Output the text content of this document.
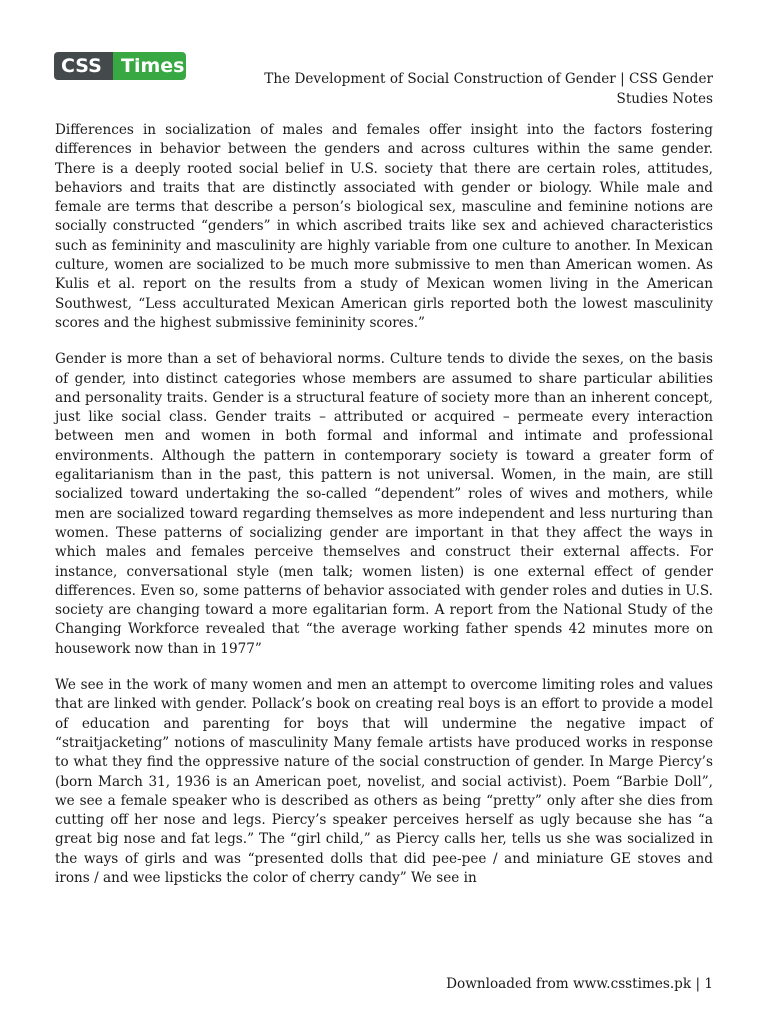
CSS	Times
The Development of Social Construction of Gender | CSS Gender Studies Notes

Differences in socialization of males and females offer insight into the factors fostering differences in behavior between the genders and across cultures within the same gender. There is a deeply rooted social belief in U.S. society that there are certain roles, attitudes, behaviors and traits that are distinctly associated with gender or biology. While male and female are terms that describe a person’s biological sex, masculine and feminine notions are socially constructed “genders” in which ascribed traits like sex and achieved characteristics such as femininity and masculinity are highly variable from one culture to another. In Mexican culture, women are socialized to be much more submissive to men than American women. As Kulis et al. report on the results from a study of Mexican women living in the American Southwest, “Less acculturated Mexican American girls reported both the lowest masculinity scores and the highest submissive femininity scores.”

Gender is more than a set of behavioral norms. Culture tends to divide the sexes, on the basis of gender, into distinct categories whose members are assumed to share particular abilities and personality traits. Gender is a structural feature of society more than an inherent concept, just like social class. Gender traits – attributed or acquired – permeate every interaction between men and women in both formal and informal and intimate and professional environments. Although the pattern in contemporary society is toward a greater form of egalitarianism than in the past, this pattern is not universal. Women, in the main, are still socialized toward undertaking the so-called “dependent” roles of wives and mothers, while men are socialized toward regarding themselves as more independent and less nurturing than women. These patterns of socializing gender are important in that they affect the ways in which males and females perceive themselves and construct their external affects. For instance, conversational style (men talk; women listen) is one external effect of gender differences. Even so, some patterns of behavior associated with gender roles and duties in U.S. society are changing toward a more egalitarian form. A report from the National Study of the Changing Workforce revealed that “the average working father spends 42 minutes more on housework now than in 1977”

We see in the work of many women and men an attempt to overcome limiting roles and values that are linked with gender. Pollack’s book on creating real boys is an effort to provide a model of education and parenting for boys that will undermine the negative impact of “straitjacketing” notions of masculinity Many female artists have produced works in response to what they find the oppressive nature of the social construction of gender. In Marge Piercy’s (born March 31, 1936 is an American poet, novelist, and social activist). Poem “Barbie Doll”, we see a female speaker who is described as others as being “pretty” only after she dies from cutting off her nose and legs. Piercy’s speaker perceives herself as ugly because she has “a great big nose and fat legs.” The “girl child,” as Piercy calls her, tells us she was socialized in the ways of girls and was “presented dolls that did pee-pee / and miniature GE stoves and irons / and wee lipsticks the color of cherry candy” We see in

Downloaded from www.csstimes.pk | 1
